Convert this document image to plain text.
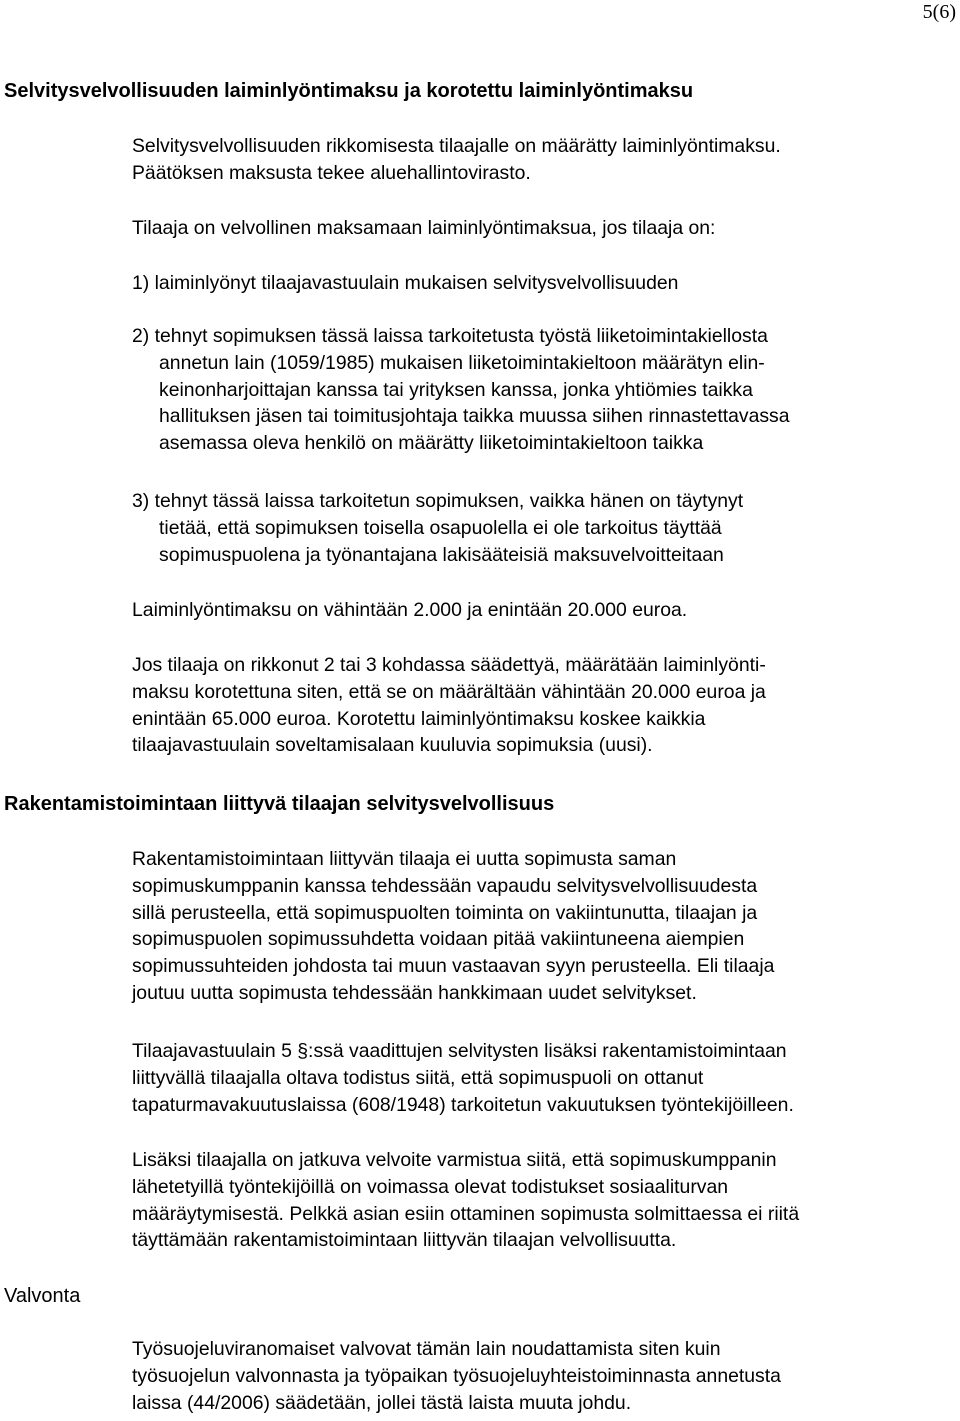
5(6)
Selvitysvelvollisuuden laiminlyöntimaksu ja korotettu laiminlyöntimaksu

Selvitysvelvollisuuden rikkomisesta tilaajalle on määrätty laiminlyöntimaksu.
Päätöksen maksusta tekee aluehallintovirasto.

Tilaaja on velvollinen maksamaan laiminlyöntimaksua, jos tilaaja on:

1) laiminlyönyt tilaajavastuulain mukaisen selvitysvelvollisuuden
2) tehnyt sopimuksen tässä laissa tarkoitetusta työstä liiketoimintakiellosta
annetun lain (1059/1985) mukaisen liiketoimintakieltoon määrätyn elin-
keinonharjoittajan kanssa tai yrityksen kanssa, jonka yhtiömies taikka
hallituksen jäsen tai toimitusjohtaja taikka muussa siihen rinnastettavassa
asemassa oleva henkilö on määrätty liiketoimintakieltoon taikka
3) tehnyt tässä laissa tarkoitetun sopimuksen, vaikka hänen on täytynyt
tietää, että sopimuksen toisella osapuolella ei ole tarkoitus täyttää
sopimuspuolena ja työnantajana lakisääteisiä maksuvelvoitteitaan

Laiminlyöntimaksu on vähintään 2.000 ja enintään 20.000 euroa.

Jos tilaaja on rikkonut 2 tai 3 kohdassa säädettyä, määrätään laiminlyönti-
maksu korotettuna siten, että se on määrältään vähintään 20.000 euroa ja
enintään 65.000 euroa. Korotettu laiminlyöntimaksu koskee kaikkia
tilaajavastuulain soveltamisalaan kuuluvia sopimuksia (uusi).

Rakentamistoimintaan liittyvä tilaajan selvitysvelvollisuus

Rakentamistoimintaan liittyvän tilaaja ei uutta sopimusta saman
sopimuskumppanin kanssa tehdessään vapaudu selvitysvelvollisuudesta
sillä perusteella, että sopimuspuolten toiminta on vakiintunutta, tilaajan ja
sopimuspuolen sopimussuhdetta voidaan pitää vakiintuneena aiempien
sopimussuhteiden johdosta tai muun vastaavan syyn perusteella. Eli tilaaja
joutuu uutta sopimusta tehdessään hankkimaan uudet selvitykset.

Tilaajavastuulain 5 §:ssä vaadittujen selvitysten lisäksi rakentamistoimintaan
liittyvällä tilaajalla oltava todistus siitä, että sopimuspuoli on ottanut
tapaturmavakuutuslaissa (608/1948) tarkoitetun vakuutuksen työntekijöilleen.

Lisäksi tilaajalla on jatkuva velvoite varmistua siitä, että sopimuskumppanin
lähetetyillä työntekijöillä on voimassa olevat todistukset sosiaaliturvan
määräytymisestä. Pelkkä asian esiin ottaminen sopimusta solmittaessa ei riitä
täyttämään rakentamistoimintaan liittyvän tilaajan velvollisuutta.

Valvonta

Työsuojeluviranomaiset valvovat tämän lain noudattamista siten kuin
työsuojelun valvonnasta ja työpaikan työsuojeluyhteistoiminnasta annetusta
laissa (44/2006) säädetään, jollei tästä laista muuta johdu.
